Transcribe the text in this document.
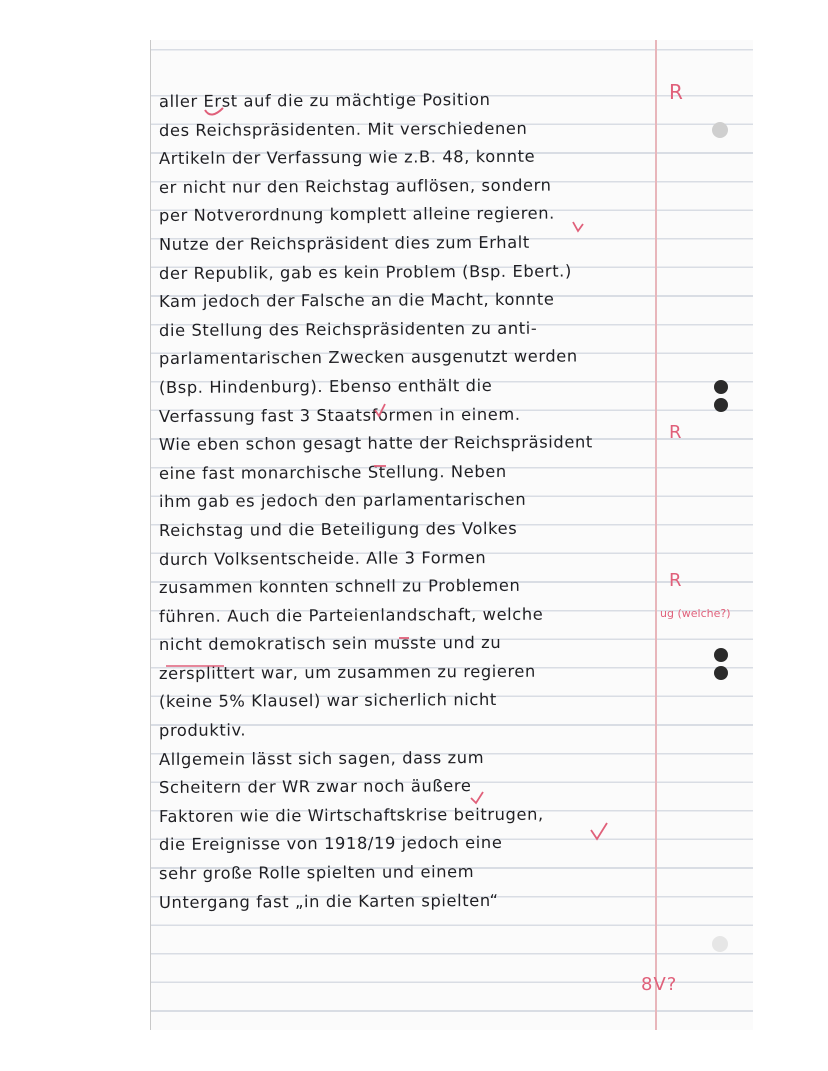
aller Erst auf die zu mächtige Position
des Reichspräsidenten. Mit verschiedenen
Artikeln der Verfassung wie z.B. 48, konnte
er nicht nur den Reichstag auflösen, sondern
per Notverordnung komplett alleine regieren.
Nutze der Reichspräsident dies zum Erhalt
der Republik, gab es kein Problem (Bsp. Ebert.)
Kam jedoch der Falsche an die Macht, konnte
die Stellung des Reichspräsidenten zu anti-
parlamentarischen Zwecken ausgenutzt werden
(Bsp. Hindenburg). Ebenso enthält die
Verfassung fast 3 Staatsformen in einem.
Wie eben schon gesagt hatte der Reichspräsident
eine fast monarchische Stellung. Neben
ihm gab es jedoch den parlamentarischen
Reichstag und die Beteiligung des Volkes
durch Volksentscheide. Alle 3 Formen
zusammen konnten schnell zu Problemen
führen. Auch die Parteienlandschaft, welche
nicht demokratisch sein musste und zu
zersplittert war, um zusammen zu regieren
(keine 5% Klausel) war sicherlich nicht
produktiv.
Allgemein lässt sich sagen, dass zum
Scheitern der WR zwar noch äußere
Faktoren wie die Wirtschaftskrise beitrugen,
die Ereignisse von 1918/19 jedoch eine
sehr große Rolle spielten und einem
Untergang fast „in die Karten spielten“
R
R
R
ug (welche?)
8V?
